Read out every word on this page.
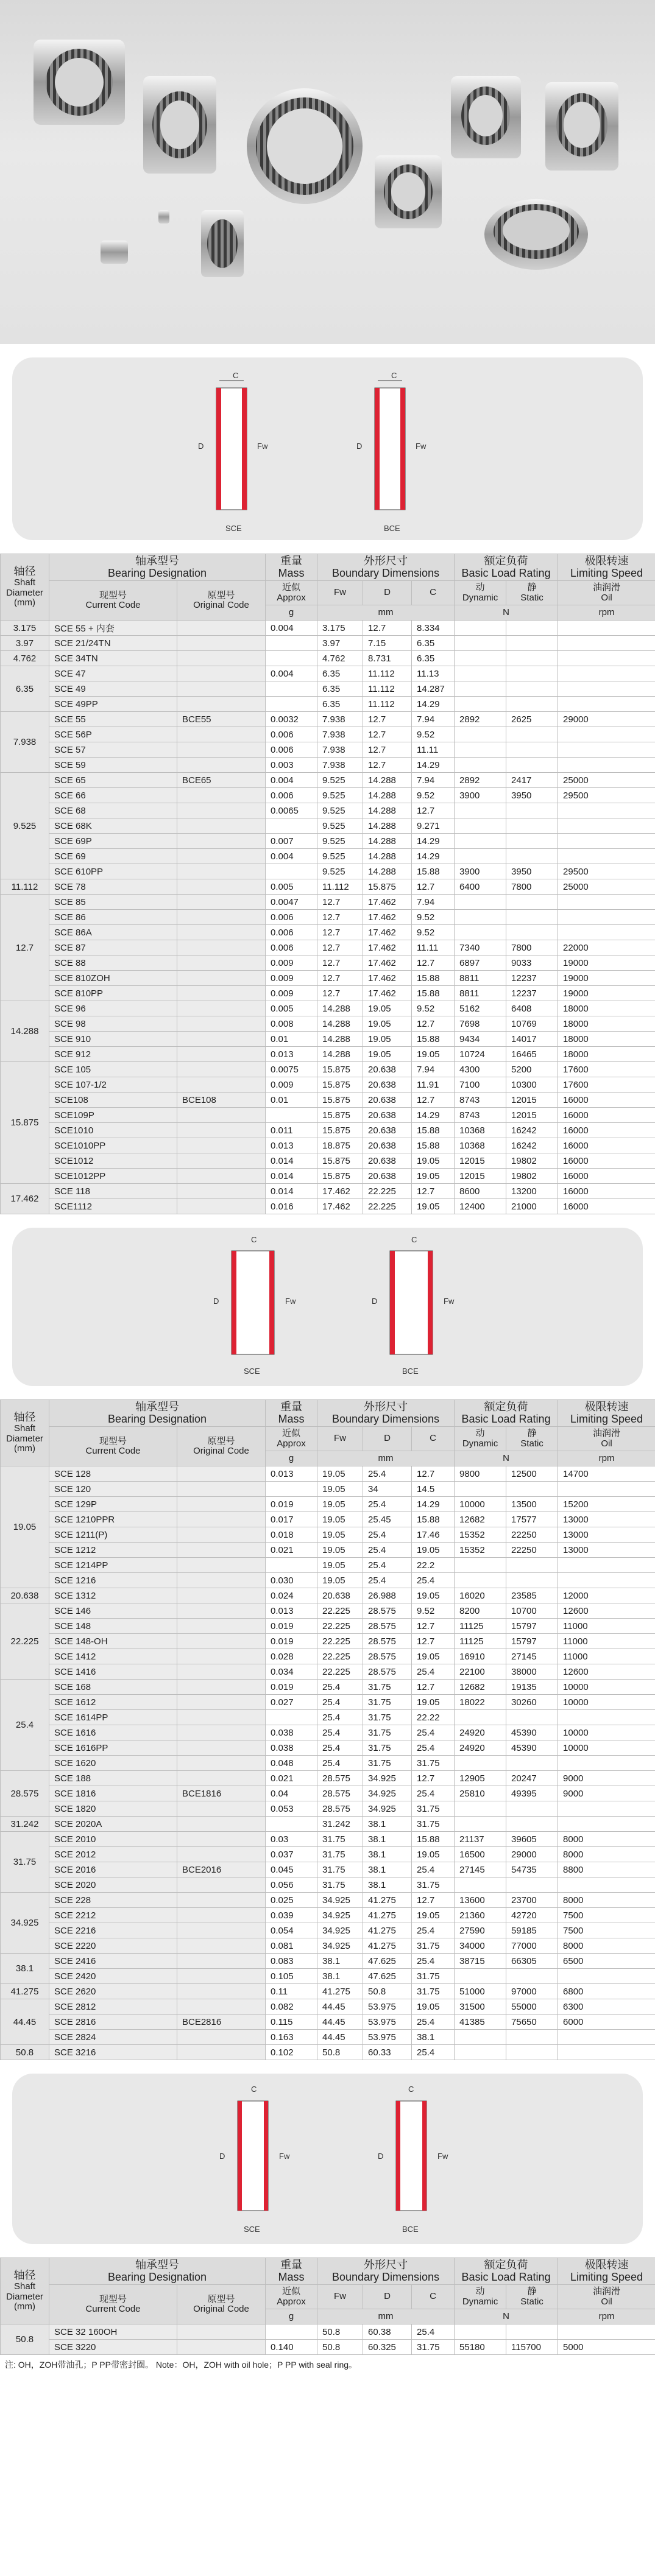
C
D	Fw
SCE
C
D	Fw
BCE
轴径
Shaft
Diameter
(mm)	轴承型号
Bearing Designation		重量
Mass	外形尺寸
Boundary Dimensions			额定负荷
Basic Load Rating		极限转速
Limiting Speed
	现型号
Current Code	原型号
Original Code	近似
Approx	Fw	D	C	动
Dynamic	静
Static	油润滑
Oil
			g	mm			N		rpm
3.175	SCE 55 + 内套		0.004	3.175	12.7	8.334			
3.97	SCE 21/24TN			3.97	7.15	6.35			
4.762	SCE 34TN			4.762	8.731	6.35			
6.35	SCE 47		0.004	6.35	11.112	11.13			
	SCE 49			6.35	11.112	14.287			
	SCE 49PP			6.35	11.112	14.29			
7.938	SCE 55	BCE55	0.0032	7.938	12.7	7.94	2892	2625	29000
	SCE 56P		0.006	7.938	12.7	9.52			
	SCE 57		0.006	7.938	12.7	11.11			
	SCE 59		0.003	7.938	12.7	14.29			
9.525	SCE 65	BCE65	0.004	9.525	14.288	7.94	2892	2417	25000
	SCE 66		0.006	9.525	14.288	9.52	3900	3950	29500
	SCE 68		0.0065	9.525	14.288	12.7			
	SCE 68K			9.525	14.288	9.271			
	SCE 69P		0.007	9.525	14.288	14.29			
	SCE 69		0.004	9.525	14.288	14.29			
	SCE 610PP			9.525	14.288	15.88	3900	3950	29500
11.112	SCE 78		0.005	11.112	15.875	12.7	6400	7800	25000
12.7	SCE 85		0.0047	12.7	17.462	7.94			
	SCE 86		0.006	12.7	17.462	9.52			
	SCE 86A		0.006	12.7	17.462	9.52			
	SCE 87		0.006	12.7	17.462	11.11	7340	7800	22000
	SCE 88		0.009	12.7	17.462	12.7	6897	9033	19000
	SCE 810ZOH		0.009	12.7	17.462	15.88	8811	12237	19000
	SCE 810PP		0.009	12.7	17.462	15.88	8811	12237	19000
14.288	SCE 96		0.005	14.288	19.05	9.52	5162	6408	18000
	SCE 98		0.008	14.288	19.05	12.7	7698	10769	18000
	SCE 910		0.01	14.288	19.05	15.88	9434	14017	18000
	SCE 912		0.013	14.288	19.05	19.05	10724	16465	18000
15.875	SCE 105		0.0075	15.875	20.638	7.94	4300	5200	17600
	SCE 107-1/2		0.009	15.875	20.638	11.91	7100	10300	17600
	SCE108	BCE108	0.01	15.875	20.638	12.7	8743	12015	16000
	SCE109P			15.875	20.638	14.29	8743	12015	16000
	SCE1010		0.011	15.875	20.638	15.88	10368	16242	16000
	SCE1010PP		0.013	18.875	20.638	15.88	10368	16242	16000
	SCE1012		0.014	15.875	20.638	19.05	12015	19802	16000
	SCE1012PP		0.014	15.875	20.638	19.05	12015	19802	16000
17.462	SCE 118		0.014	17.462	22.225	12.7	8600	13200	16000
	SCE1112		0.016	17.462	22.225	19.05	12400	21000	16000
C
D	Fw
SCE
C
D	Fw
BCE
轴径
Shaft
Diameter
(mm)	轴承型号
Bearing Designation		重量
Mass	外形尺寸
Boundary Dimensions			额定负荷
Basic Load Rating		极限转速
Limiting Speed
	现型号
Current Code	原型号
Original Code	近似
Approx	Fw	D	C	动
Dynamic	静
Static	油润滑
Oil
			g	mm			N		rpm
19.05	SCE 128		0.013	19.05	25.4	12.7	9800	12500	14700
	SCE 120			19.05	34	14.5			
	SCE 129P		0.019	19.05	25.4	14.29	10000	13500	15200
	SCE 1210PPR		0.017	19.05	25.45	15.88	12682	17577	13000
	SCE 1211(P)		0.018	19.05	25.4	17.46	15352	22250	13000
	SCE 1212		0.021	19.05	25.4	19.05	15352	22250	13000
	SCE 1214PP			19.05	25.4	22.2			
	SCE 1216		0.030	19.05	25.4	25.4			
20.638	SCE 1312		0.024	20.638	26.988	19.05	16020	23585	12000
22.225	SCE 146		0.013	22.225	28.575	9.52	8200	10700	12600
	SCE 148		0.019	22.225	28.575	12.7	11125	15797	11000
	SCE 148-OH		0.019	22.225	28.575	12.7	11125	15797	11000
	SCE 1412		0.028	22.225	28.575	19.05	16910	27145	11000
	SCE 1416		0.034	22.225	28.575	25.4	22100	38000	12600
25.4	SCE 168		0.019	25.4	31.75	12.7	12682	19135	10000
	SCE 1612		0.027	25.4	31.75	19.05	18022	30260	10000
	SCE 1614PP			25.4	31.75	22.22			
	SCE 1616		0.038	25.4	31.75	25.4	24920	45390	10000
	SCE 1616PP		0.038	25.4	31.75	25.4	24920	45390	10000
	SCE 1620		0.048	25.4	31.75	31.75			
28.575	SCE 188		0.021	28.575	34.925	12.7	12905	20247	9000
	SCE 1816	BCE1816	0.04	28.575	34.925	25.4	25810	49395	9000
	SCE 1820		0.053	28.575	34.925	31.75			
31.242	SCE 2020A			31.242	38.1	31.75			
31.75	SCE 2010		0.03	31.75	38.1	15.88	21137	39605	8000
	SCE 2012		0.037	31.75	38.1	19.05	16500	29000	8000
	SCE 2016	BCE2016	0.045	31.75	38.1	25.4	27145	54735	8800
	SCE 2020		0.056	31.75	38.1	31.75			
34.925	SCE 228		0.025	34.925	41.275	12.7	13600	23700	8000
	SCE 2212		0.039	34.925	41.275	19.05	21360	42720	7500
	SCE 2216		0.054	34.925	41.275	25.4	27590	59185	7500
	SCE 2220		0.081	34.925	41.275	31.75	34000	77000	8000
38.1	SCE 2416		0.083	38.1	47.625	25.4	38715	66305	6500
	SCE 2420		0.105	38.1	47.625	31.75			
41.275	SCE 2620		0.11	41.275	50.8	31.75	51000	97000	6800
44.45	SCE 2812		0.082	44.45	53.975	19.05	31500	55000	6300
	SCE 2816	BCE2816	0.115	44.45	53.975	25.4	41385	75650	6000
	SCE 2824		0.163	44.45	53.975	38.1			
50.8	SCE 3216		0.102	50.8	60.33	25.4			
C
D	Fw
SCE
C
D	Fw
BCE
轴径
Shaft
Diameter
(mm)	轴承型号
Bearing Designation		重量
Mass	外形尺寸
Boundary Dimensions			额定负荷
Basic Load Rating		极限转速
Limiting Speed
	现型号
Current Code	原型号
Original Code	近似
Approx	Fw	D	C	动
Dynamic	静
Static	油润滑
Oil
			g	mm			N		rpm
50.8	SCE 32 160OH			50.8	60.38	25.4			
	SCE 3220		0.140	50.8	60.325	31.75	55180	115700	5000
注: OH，ZOH带油孔；P PP带密封圈。 Note：OH，ZOH with oil hole；P PP with seal ring。
